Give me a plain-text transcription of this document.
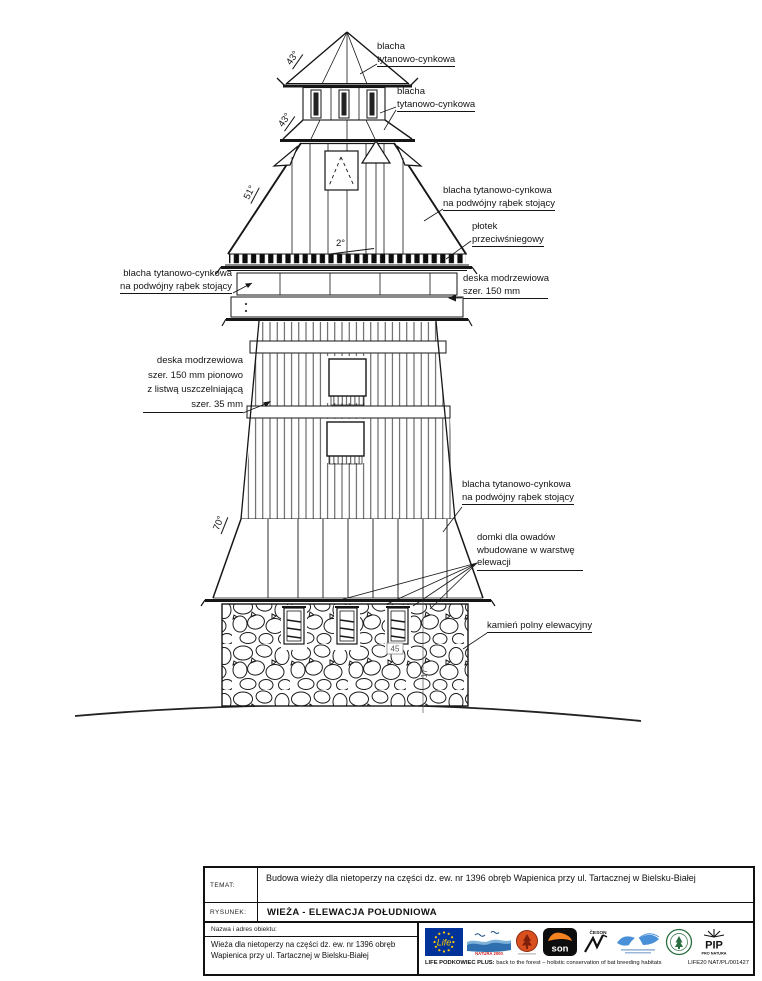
45
17
blacha
tytanowo-cynkowa
blacha
tytanowo-cynkowa
blacha tytanowo-cynkowa
na podwójny rąbek stojący
płotek
przeciwśniegowy
blacha tytanowo-cynkowa
na podwójny rąbek stojący
deska modrzewiowa
szer. 150 mm
deska modrzewiowa
szer. 150 mm pionowo
z listwą uszczelniającą
szer. 35 mm
blacha tytanowo-cynkowa
na podwójny rąbek stojący
domki dla owadów
wbudowane w warstwę
elewacji
kamień polny elewacyjny
43°
43°
51°
2°
70°
TEMAT:
Budowa wieży dla nietoperzy na części dz. ew. nr 1396 obręb Wapienica przy ul. Tartacznej w Bielsku-Białej
RYSUNEK:	WIEŻA - ELEWACJA POŁUDNIOWA
Nazwa i adres obiektu:
Wieża dla nietoperzy na części dz. ew. nr 1396 obręb
Wapienica przy ul. Tartacznej w Bielsku-Białej
Life
NATURA 2000	son
ČESON
PIP
PRO NATURA
LIFE PODKOWIEC PLUS: back to the forest – holistic conservation of bat breeding habitats	LIFE20 NAT/PL/001427
